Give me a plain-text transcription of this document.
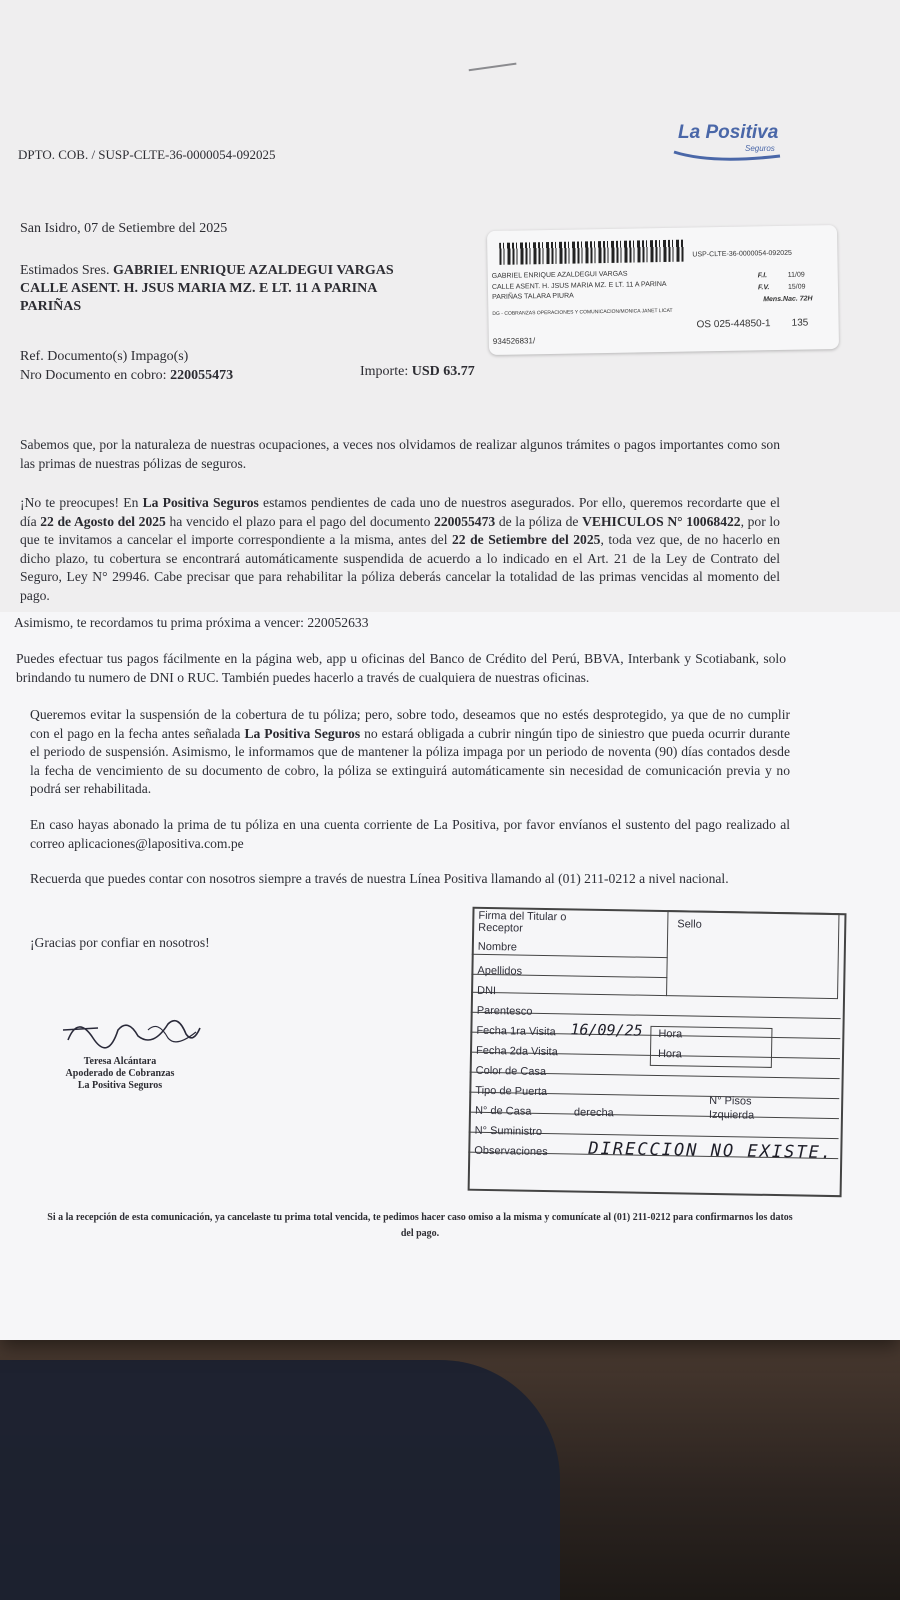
DPTO. COB. / SUSP-CLTE-36-0000054-092025
La Positiva
Seguros
San Isidro, 07 de Setiembre del 2025
Estimados Sres. GABRIEL ENRIQUE AZALDEGUI VARGAS
CALLE ASENT. H. JSUS MARIA MZ. E LT. 11 A PARINA
PARIÑAS
Ref. Documento(s) Impago(s)
Nro Documento en cobro: 220055473	Importe: USD 63.77
USP-CLTE-36-0000054-092025
GABRIEL ENRIQUE AZALDEGUI VARGAS
CALLE ASENT. H. JSUS MARIA MZ. E LT. 11 A PARINA
PARIÑAS TALARA PIURA
F.I.	11/09
F.V.	15/09
Mens.Nac. 72H
DG - COBRANZAS OPERACIONES Y COMUNICACION/MONICA JANET LICAT
OS 025-44850-1 135
934526831/
Sabemos que, por la naturaleza de nuestras ocupaciones, a veces nos olvidamos de realizar algunos trámites o pagos importantes como son las primas de nuestras pólizas de seguros.
¡No te preocupes! En La Positiva Seguros estamos pendientes de cada uno de nuestros asegurados. Por ello, queremos recordarte que el día 22 de Agosto del 2025 ha vencido el plazo para el pago del documento 220055473 de la póliza de VEHICULOS N° 10068422, por lo que te invitamos a cancelar el importe correspondiente a la misma, antes del 22 de Setiembre del 2025, toda vez que, de no hacerlo en dicho plazo, tu cobertura se encontrará automáticamente suspendida de acuerdo a lo indicado en el Art. 21 de la Ley de Contrato del Seguro, Ley N° 29946. Cabe precisar que para rehabilitar la póliza deberás cancelar la totalidad de las primas vencidas al momento del pago.
Asimismo, te recordamos tu prima próxima a vencer: 220052633
Puedes efectuar tus pagos fácilmente en la página web, app u oficinas del Banco de Crédito del Perú, BBVA, Interbank y Scotiabank, solo brindando tu numero de DNI o RUC. También puedes hacerlo a través de cualquiera de nuestras oficinas.
Queremos evitar la suspensión de la cobertura de tu póliza; pero, sobre todo, deseamos que no estés desprotegido, ya que de no cumplir con el pago en la fecha antes señalada La Positiva Seguros no estará obligada a cubrir ningún tipo de siniestro que pueda ocurrir durante el periodo de suspensión. Asimismo, le informamos que de mantener la póliza impaga por un periodo de noventa (90) días contados desde la fecha de vencimiento de su documento de cobro, la póliza se extinguirá automáticamente sin necesidad de comunicación previa y no podrá ser rehabilitada.
En caso hayas abonado la prima de tu póliza en una cuenta corriente de La Positiva, por favor envíanos el sustento del pago realizado al correo aplicaciones@lapositiva.com.pe
Recuerda que puedes contar con nosotros siempre a través de nuestra Línea Positiva llamando al (01) 211-0212 a nivel nacional.
¡Gracias por confiar en nosotros!
Teresa Alcántara
Apoderado de Cobranzas
La Positiva Seguros
Firma del Titular o Receptor	Sello
Nombre
Apellidos
DNI
Parentesco
Fecha 1ra Visita 16/09/25 Hora
Fecha 2da Visita	Hora
Color de Casa
Tipo de Puerta
N° Pisos
N° de Casa	derecha	Izquierda
N° Suministro
Observaciones DIRECCION NO EXISTE.
Si a la recepción de esta comunicación, ya cancelaste tu prima total vencida, te pedimos hacer caso omiso a la misma y comunícate al (01) 211-0212 para confirmarnos los datos del pago.
